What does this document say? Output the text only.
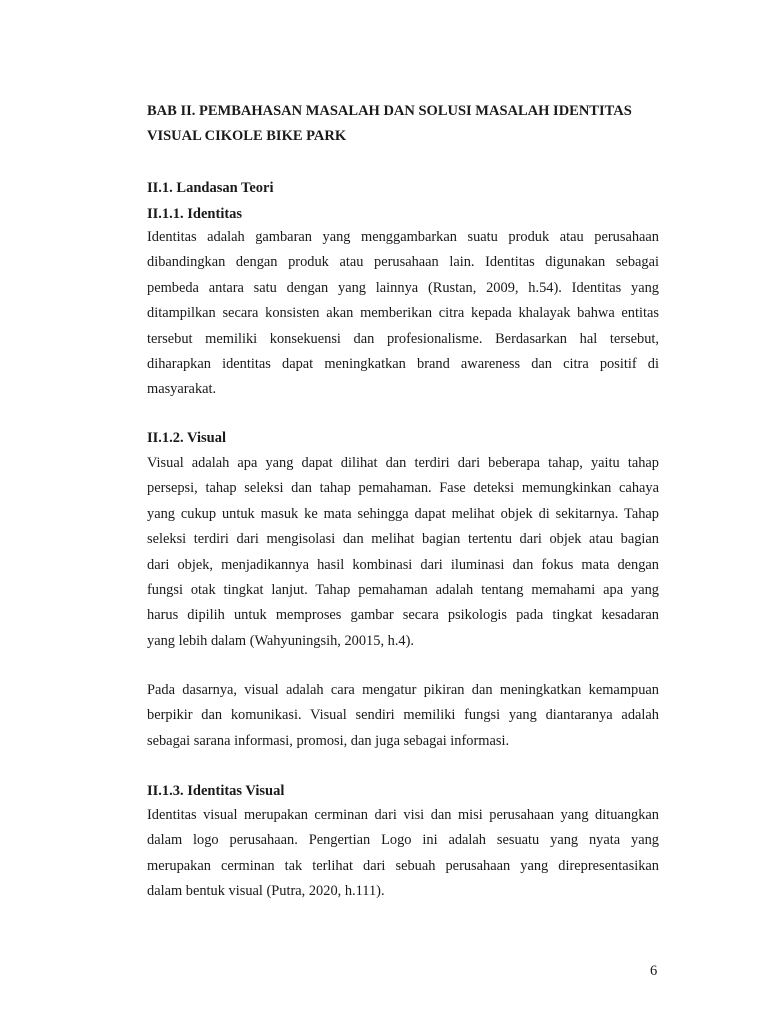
BAB II. PEMBAHASAN MASALAH DAN SOLUSI MASALAH IDENTITAS
VISUAL CIKOLE BIKE PARK
II.1. Landasan Teori
II.1.1. Identitas
Identitas adalah gambaran yang menggambarkan suatu produk atau perusahaan
dibandingkan dengan produk atau perusahaan lain. Identitas digunakan sebagai
pembeda antara satu dengan yang lainnya (Rustan, 2009, h.54). Identitas yang
ditampilkan secara konsisten akan memberikan citra kepada khalayak bahwa entitas
tersebut memiliki konsekuensi dan profesionalisme. Berdasarkan hal tersebut,
diharapkan identitas dapat meningkatkan brand awareness dan citra positif di
masyarakat.
II.1.2. Visual
Visual adalah apa yang dapat dilihat dan terdiri dari beberapa tahap, yaitu tahap
persepsi, tahap seleksi dan tahap pemahaman. Fase deteksi memungkinkan cahaya
yang cukup untuk masuk ke mata sehingga dapat melihat objek di sekitarnya. Tahap
seleksi terdiri dari mengisolasi dan melihat bagian tertentu dari objek atau bagian
dari objek, menjadikannya hasil kombinasi dari iluminasi dan fokus mata dengan
fungsi otak tingkat lanjut. Tahap pemahaman adalah tentang memahami apa yang
harus dipilih untuk memproses gambar secara psikologis pada tingkat kesadaran
yang lebih dalam (Wahyuningsih, 20015, h.4).
Pada dasarnya, visual adalah cara mengatur pikiran dan meningkatkan kemampuan
berpikir dan komunikasi. Visual sendiri memiliki fungsi yang diantaranya adalah
sebagai sarana informasi, promosi, dan juga sebagai informasi.
II.1.3. Identitas Visual
Identitas visual merupakan cerminan dari visi dan misi perusahaan yang dituangkan
dalam logo perusahaan. Pengertian Logo ini adalah sesuatu yang nyata yang
merupakan cerminan tak terlihat dari sebuah perusahaan yang direpresentasikan
dalam bentuk visual (Putra, 2020, h.111).
6
